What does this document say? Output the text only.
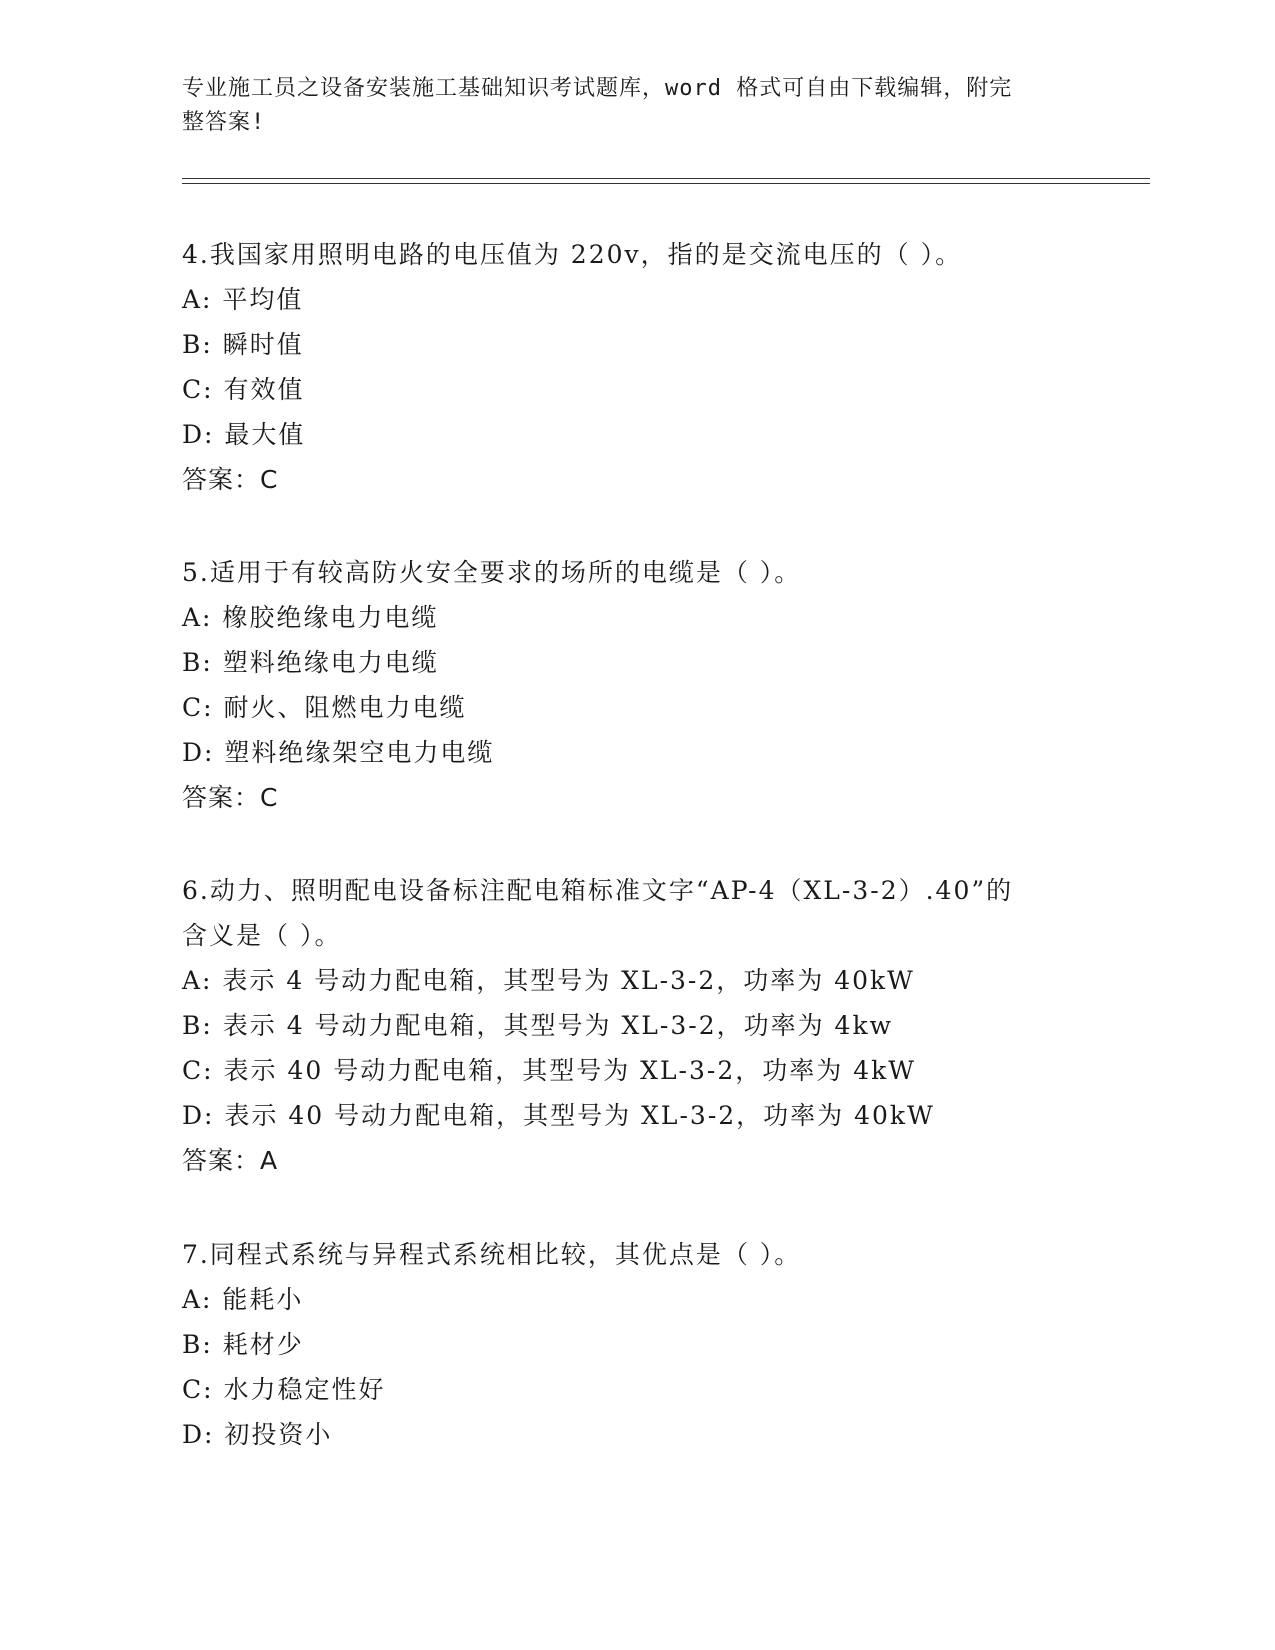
专业施工员之设备安装施工基础知识考试题库，word 格式可自由下载编辑，附完
整答案!

4.我国家用照明电路的电压值为 220v，指的是交流电压的（ ）。

A: 平均值

B: 瞬时值

C: 有效值

D: 最大值

答案：C

5.适用于有较高防火安全要求的场所的电缆是（ ）。

A: 橡胶绝缘电力电缆

B: 塑料绝缘电力电缆

C: 耐火、阻燃电力电缆

D: 塑料绝缘架空电力电缆

答案：C

6.动力、照明配电设备标注配电箱标准文字“AP-4（XL-3-2）.40”的

含义是（ ）。

A: 表示 4 号动力配电箱，其型号为 XL-3-2，功率为 40kW

B: 表示 4 号动力配电箱，其型号为 XL-3-2，功率为 4kw

C: 表示 40 号动力配电箱，其型号为 XL-3-2，功率为 4kW

D: 表示 40 号动力配电箱，其型号为 XL-3-2，功率为 40kW

答案：A

7.同程式系统与异程式系统相比较，其优点是（ ）。

A: 能耗小

B: 耗材少

C: 水力稳定性好

D: 初投资小
